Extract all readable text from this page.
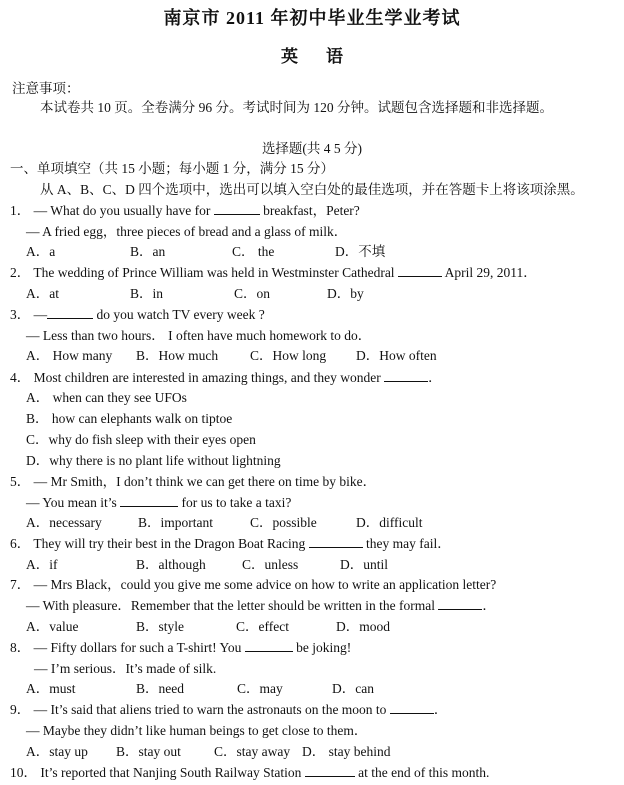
南京市 2011 年初中毕业生学业考试
英 语
注意事项：
本试卷共 10 页。全卷满分 96 分。考试时间为 120 分钟。试题包含选择题和非选择题。
选择题(共 4 5 分)
一、单项填空（共 15 小题；每小题 1 分，满分 15 分）
从 A、B、C、D 四个选项中，选出可以填入空白处的最佳选项，并在答题卡上将该项涂黑。
1． — What do you usually have for	breakfast，Peter?
— A fried egg，three pieces of bread and a glass of milk．
A．a	B．an	C． the	D．不填
2． The wedding of Prince William was held in Westminster Cathedral	April 29, 2011．
A．at	B．in	C．on	D．by
3． —	do you watch TV every week ?
— Less than two hours． I often have much homework to do．
A． How many B．How much C．How long D．How often
4． Most children are interested in amazing things, and they wonder	．
A． when can they see UFOs
B． how can elephants walk on tiptoe
C．why do fish sleep with their eyes open
D．why there is no plant life without lightning
5． — Mr Smith，I don’t think we can get there on time by bike．
— You mean it’s	for us to take a taxi?
A．necessary	B．important	C．possible	D．difficult
6． They will try their best in the Dragon Boat Racing	they may fail．
A．if	B．although	C．unless	D．until
7． — Mrs Black，could you give me some advice on how to write an application letter?
— With pleasure．Remember that the letter should be written in the formal	．
A．value	B．style	C．effect	D．mood
8． — Fifty dollars for such a T-shirt! You	be joking!
— I’m serious．It’s made of silk.
A．must	B．need	C．may	D．can
9． — It’s said that aliens tried to warn the astronauts on the moon to	．
— Maybe they didn’t like human beings to get close to them．
A．stay up B．stay out C．stay away D． stay behind
10． It’s reported that Nanjing South Railway Station	at the end of this month.
